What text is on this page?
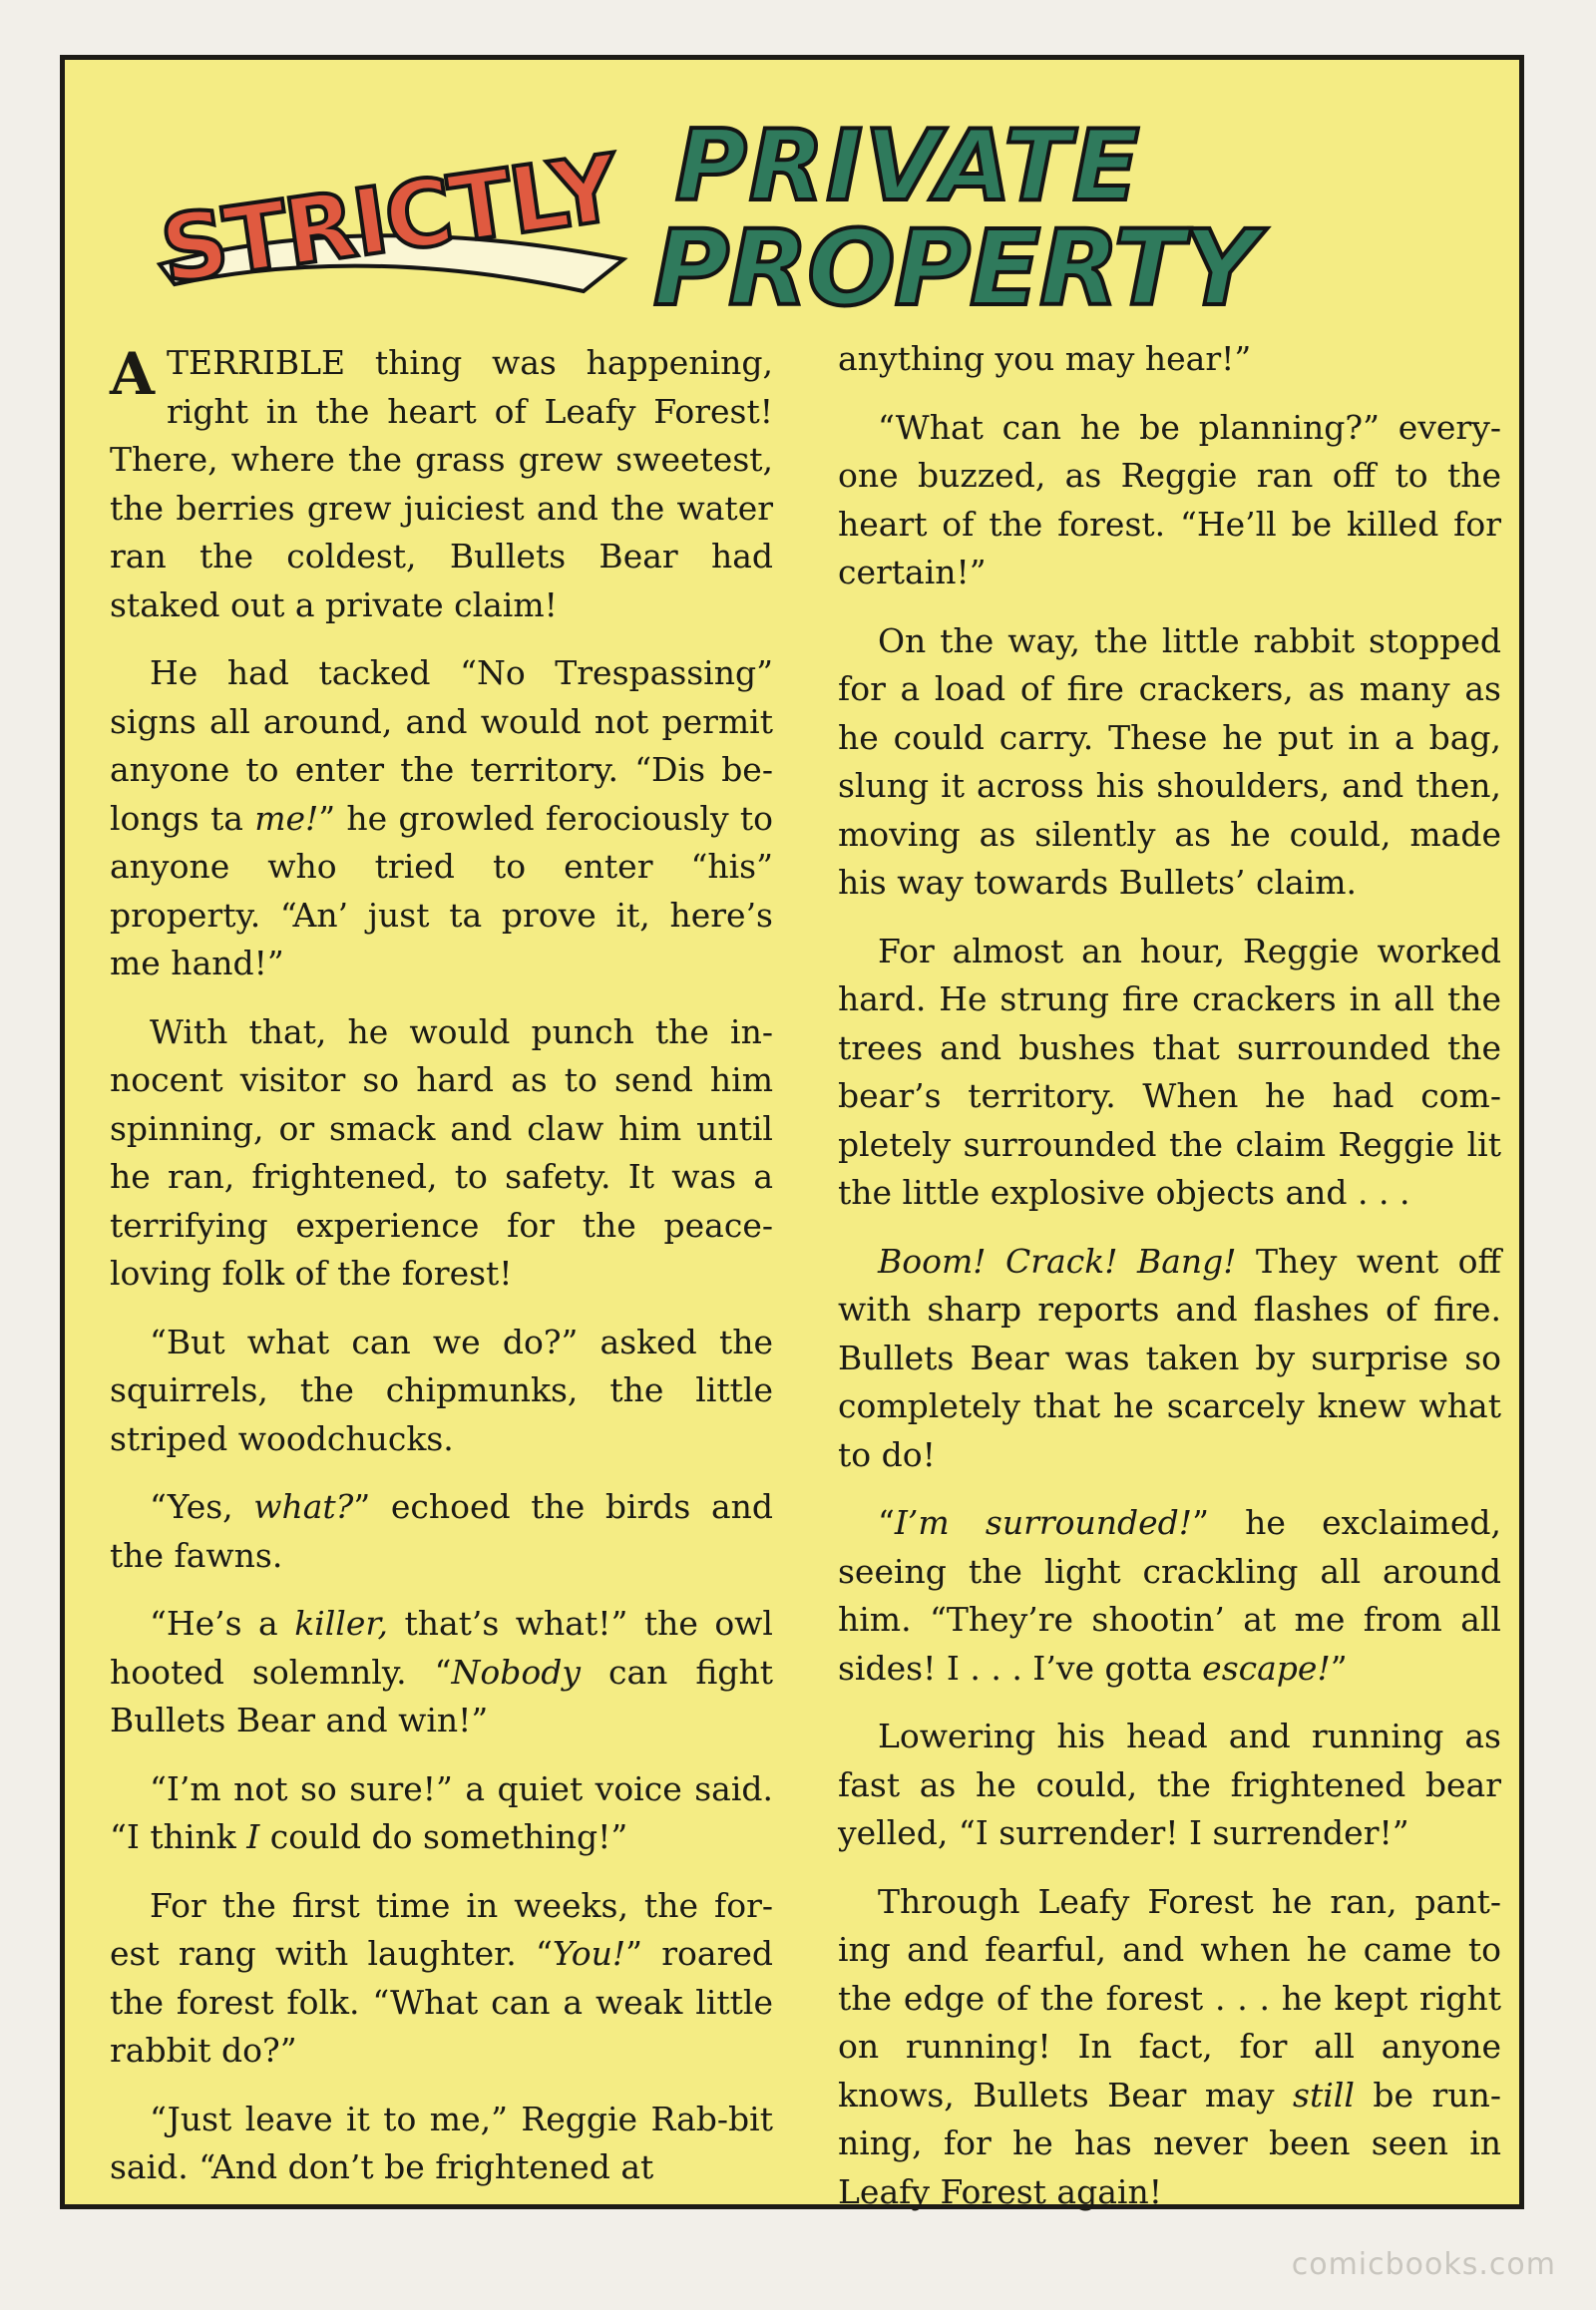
STRICTLY PRIVATE
PROPERTY

A TERRIBLE thing was happening, right in the heart of Leafy Forest! There, where the grass grew sweetest, the berries grew juiciest and the water ran the coldest, Bullets Bear had staked out a private claim!

He had tacked “No Trespassing” signs all around, and would not permit anyone to enter the territory. “Dis be-longs ta me!” he growled ferociously to anyone who tried to enter “his” property. “An’ just ta prove it, here’s me hand!”

With that, he would punch the in-nocent visitor so hard as to send him spinning, or smack and claw him until he ran, frightened, to safety. It was a terrifying experience for the peace-loving folk of the forest!

“But what can we do?” asked the squirrels, the chipmunks, the little striped woodchucks.

“Yes, what?” echoed the birds and the fawns.

“He’s a killer, that’s what!” the owl hooted solemnly. “Nobody can fight Bullets Bear and win!”

“I’m not so sure!” a quiet voice said. “I think I could do something!”

For the first time in weeks, the for-est rang with laughter. “You!” roared the forest folk. “What can a weak little rabbit do?”

“Just leave it to me,” Reggie Rab-bit said. “And don’t be frightened at

anything you may hear!”

“What can he be planning?” every-one buzzed, as Reggie ran off to the heart of the forest. “He’ll be killed for certain!”

On the way, the little rabbit stopped for a load of fire crackers, as many as he could carry. These he put in a bag, slung it across his shoulders, and then, moving as silently as he could, made his way towards Bullets’ claim.

For almost an hour, Reggie worked hard. He strung fire crackers in all the trees and bushes that surrounded the bear’s territory. When he had com-pletely surrounded the claim Reggie lit the little explosive objects and . . .

Boom! Crack! Bang! They went off with sharp reports and flashes of fire. Bullets Bear was taken by surprise so completely that he scarcely knew what to do!

“I’m surrounded!” he exclaimed, seeing the light crackling all around him. “They’re shootin’ at me from all sides! I . . . I’ve gotta escape!”

Lowering his head and running as fast as he could, the frightened bear yelled, “I surrender! I surrender!”

Through Leafy Forest he ran, pant-ing and fearful, and when he came to the edge of the forest . . . he kept right on running! In fact, for all anyone knows, Bullets Bear may still be run-ning, for he has never been seen in Leafy Forest again!

comicbooks.com
